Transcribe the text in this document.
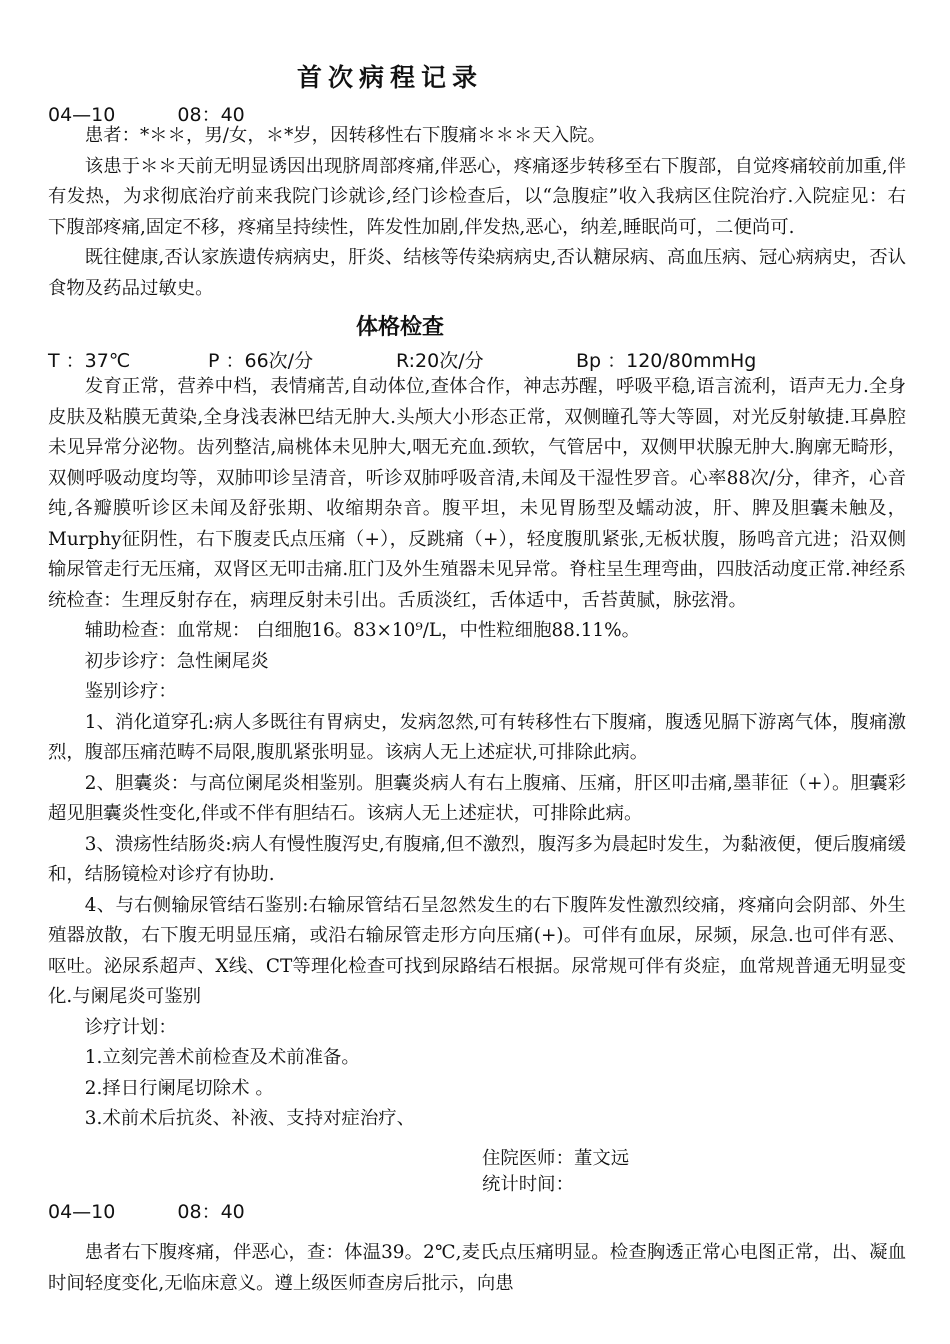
首次病程记录
04—10	08：40

患者：*＊＊，男/女，＊*岁，因转移性右下腹痛＊＊＊天入院。

该患于＊＊天前无明显诱因出现脐周部疼痛,伴恶心，疼痛逐步转移至右下腹部，自觉疼痛较前加重,伴有发热，为求彻底治疗前来我院门诊就诊,经门诊检查后，以“急腹症”收入我病区住院治疗.入院症见：右下腹部疼痛,固定不移，疼痛呈持续性，阵发性加剧,伴发热,恶心，纳差,睡眠尚可，二便尚可.

既往健康,否认家族遗传病病史，肝炎、结核等传染病病史,否认糖尿病、高血压病、冠心病病史，否认食物及药品过敏史。

体格检查
T ：37℃	P ：66次/分	R:20次/分	Bp ：120/80mmHg

发育正常，营养中档，表情痛苦,自动体位,查体合作，神志苏醒，呼吸平稳,语言流利，语声无力.全身皮肤及粘膜无黄染,全身浅表淋巴结无肿大.头颅大小形态正常，双侧瞳孔等大等圆，对光反射敏捷.耳鼻腔未见异常分泌物。齿列整洁,扁桃体未见肿大,咽无充血.颈软，气管居中，双侧甲状腺无肿大.胸廓无畸形，双侧呼吸动度均等，双肺叩诊呈清音，听诊双肺呼吸音清,未闻及干湿性罗音。心率88次/分，律齐，心音纯,各瓣膜听诊区未闻及舒张期、收缩期杂音。腹平坦，未见胃肠型及蠕动波，肝、脾及胆囊未触及，Murphy征阴性，右下腹麦氏点压痛（+），反跳痛（+），轻度腹肌紧张,无板状腹，肠鸣音亢进；沿双侧输尿管走行无压痛，双肾区无叩击痛.肛门及外生殖器未见异常。脊柱呈生理弯曲，四肢活动度正常.神经系统检查：生理反射存在，病理反射未引出。舌质淡红，舌体适中，舌苔黄腻，脉弦滑。

辅助检查：血常规： 白细胞16。83×10⁹/L，中性粒细胞88.11%。

初步诊疗：急性阑尾炎

鉴别诊疗：

1、消化道穿孔:病人多既往有胃病史，发病忽然,可有转移性右下腹痛，腹透见膈下游离气体，腹痛激烈，腹部压痛范畴不局限,腹肌紧张明显。该病人无上述症状,可排除此病。

2、胆囊炎：与高位阑尾炎相鉴别。胆囊炎病人有右上腹痛、压痛，肝区叩击痛,墨菲征（+）。胆囊彩超见胆囊炎性变化,伴或不伴有胆结石。该病人无上述症状，可排除此病。

3、溃疡性结肠炎:病人有慢性腹泻史,有腹痛,但不激烈，腹泻多为晨起时发生，为黏液便，便后腹痛缓和，结肠镜检对诊疗有协助.

4、与右侧输尿管结石鉴别:右输尿管结石呈忽然发生的右下腹阵发性激烈绞痛，疼痛向会阴部、外生殖器放散，右下腹无明显压痛，或沿右输尿管走形方向压痛(+)。可伴有血尿，尿频，尿急.也可伴有恶、呕吐。泌尿系超声、X线、CT等理化检查可找到尿路结石根据。尿常规可伴有炎症，血常规普通无明显变化.与阑尾炎可鉴别

诊疗计划：

1.立刻完善术前检查及术前准备。

2.择日行阑尾切除术 。

3.术前术后抗炎、补液、支持对症治疗、

住院医师：董文远
统计时间：
04—10	08：40

患者右下腹疼痛，伴恶心，查：体温39。2℃,麦氏点压痛明显。检查胸透正常心电图正常，出、凝血时间轻度变化,无临床意义。遵上级医师查房后批示，向患
